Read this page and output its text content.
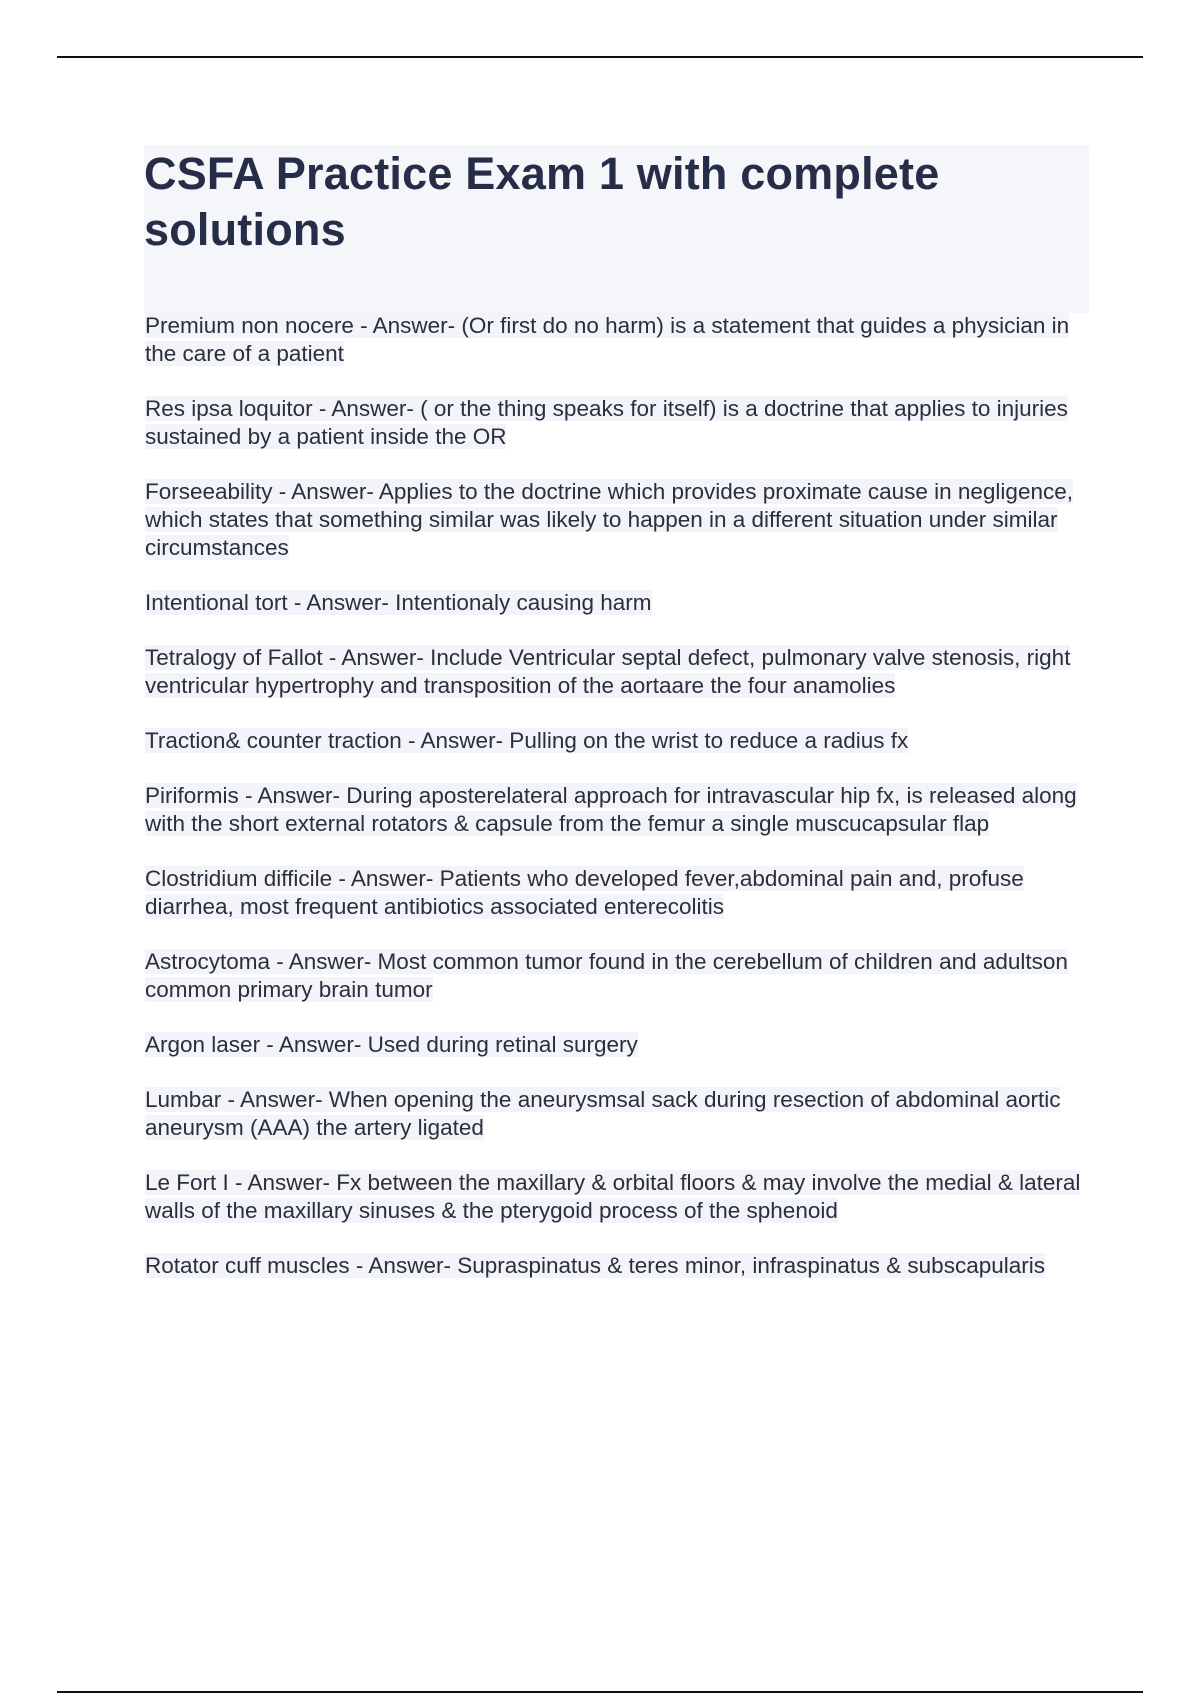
CSFA Practice Exam 1 with complete solutions

Premium non nocere - Answer- (Or first do no harm) is a statement that guides a physician in the care of a patient

Res ipsa loquitor - Answer- ( or the thing speaks for itself) is a doctrine that applies to injuries sustained by a patient inside the OR

Forseeability - Answer- Applies to the doctrine which provides proximate cause in negligence, which states that something similar was likely to happen in a different situation under similar circumstances

Intentional tort - Answer- Intentionaly causing harm

Tetralogy of Fallot - Answer- Include Ventricular septal defect, pulmonary valve stenosis, right ventricular hypertrophy and transposition of the aortaare the four anamolies

Traction& counter traction - Answer- Pulling on the wrist to reduce a radius fx

Piriformis - Answer- During aposterelateral approach for intravascular hip fx, is released along with the short external rotators & capsule from the femur a single muscucapsular flap

Clostridium difficile - Answer- Patients who developed fever,abdominal pain and, profuse diarrhea, most frequent antibiotics associated enterecolitis

Astrocytoma - Answer- Most common tumor found in the cerebellum of children and adultson common primary brain tumor

Argon laser - Answer- Used during retinal surgery

Lumbar - Answer- When opening the aneurysmsal sack during resection of abdominal aortic aneurysm (AAA) the artery ligated

Le Fort I - Answer- Fx between the maxillary & orbital floors & may involve the medial & lateral walls of the maxillary sinuses & the pterygoid process of the sphenoid

Rotator cuff muscles - Answer- Supraspinatus & teres minor, infraspinatus & subscapularis
